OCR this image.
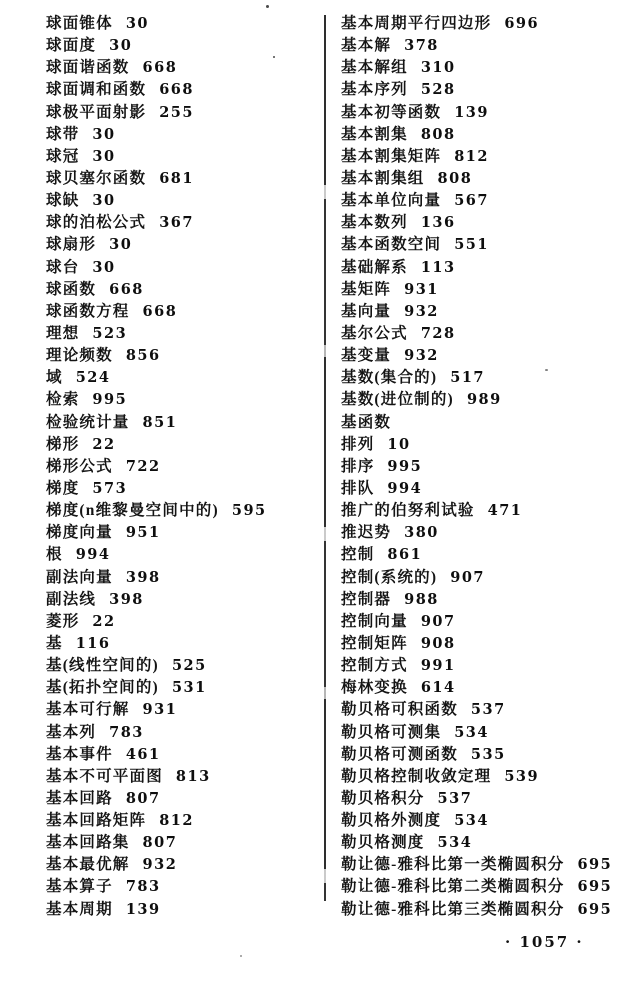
球面锥体 30
球面度 30
球面谐函数 668
球面调和函数 668
球极平面射影 255
球带 30
球冠 30
球贝塞尔函数 681
球缺 30
球的泊松公式 367
球扇形 30
球台 30
球函数 668
球函数方程 668
理想 523
理论频数 856
域 524
检索 995
检验统计量 851
梯形 22
梯形公式 722
梯度 573
梯度(n维黎曼空间中的) 595
梯度向量 951
根 994
副法向量 398
副法线 398
菱形 22
基 116
基(线性空间的) 525
基(拓扑空间的) 531
基本可行解 931
基本列 783
基本事件 461
基本不可平面图 813
基本回路 807
基本回路矩阵 812
基本回路集 807
基本最优解 932
基本算子 783
基本周期 139
基本周期平行四边形 696
基本解 378
基本解组 310
基本序列 528
基本初等函数 139
基本割集 808
基本割集矩阵 812
基本割集组 808
基本单位向量 567
基本数列 136
基本函数空间 551
基础解系 113
基矩阵 931
基向量 932
基尔公式 728
基变量 932
基数(集合的) 517
基数(进位制的) 989
基函数
排列 10
排序 995
排队 994
推广的伯努利试验 471
推迟势 380
控制 861
控制(系统的) 907
控制器 988
控制向量 907
控制矩阵 908
控制方式 991
梅林变换 614
勒贝格可积函数 537
勒贝格可测集 534
勒贝格可测函数 535
勒贝格控制收敛定理 539
勒贝格积分 537
勒贝格外测度 534
勒贝格测度 534
勒让德-雅科比第一类椭圆积分 695
勒让德-雅科比第二类椭圆积分 695
勒让德-雅科比第三类椭圆积分 695
· 1057 ·
